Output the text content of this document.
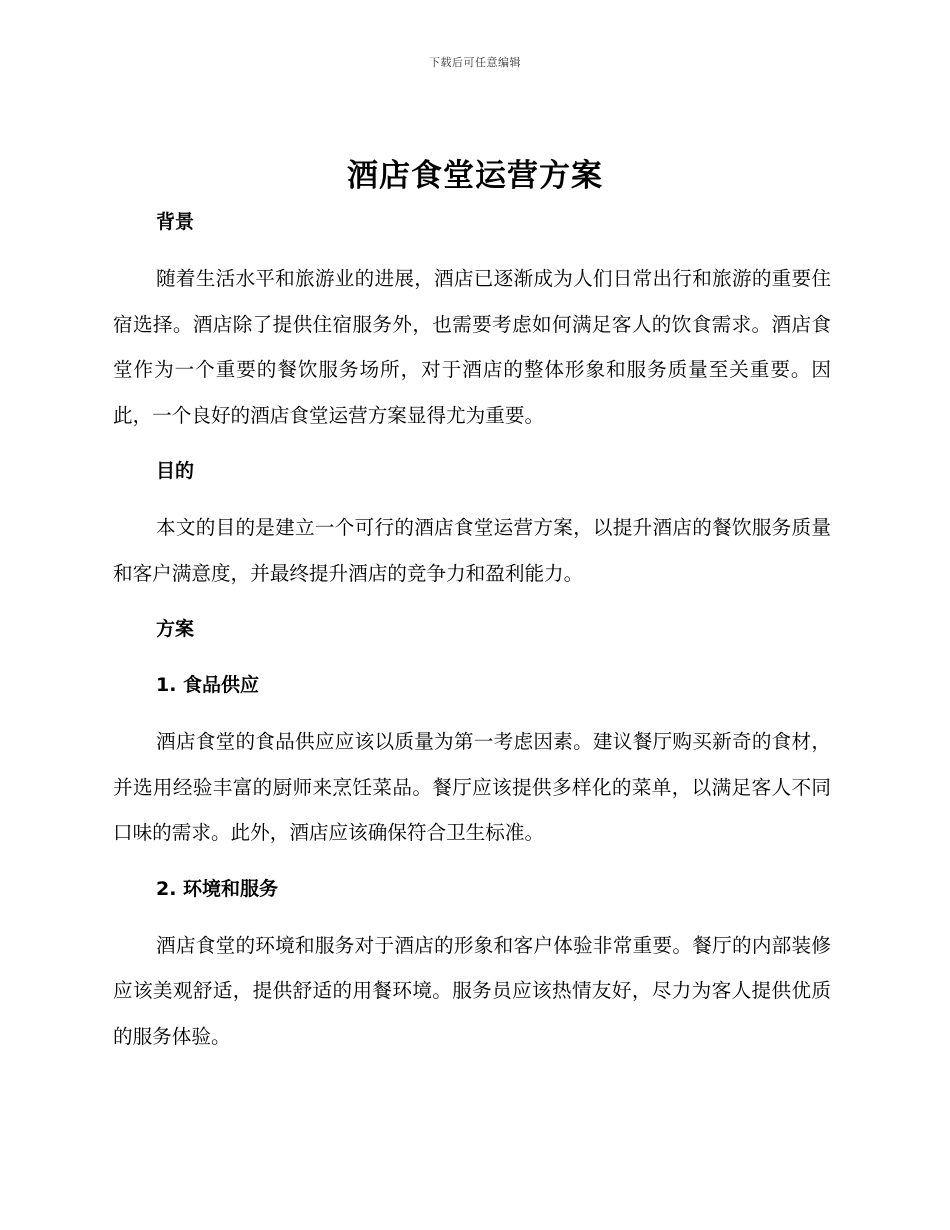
下载后可任意编辑
酒店食堂运营方案

背景

随着生活水平和旅游业的进展，酒店已逐渐成为人们日常出行和旅游的重要住宿选择。酒店除了提供住宿服务外，也需要考虑如何满足客人的饮食需求。酒店食堂作为一个重要的餐饮服务场所，对于酒店的整体形象和服务质量至关重要。因此，一个良好的酒店食堂运营方案显得尤为重要。

目的

本文的目的是建立一个可行的酒店食堂运营方案，以提升酒店的餐饮服务质量和客户满意度，并最终提升酒店的竞争力和盈利能力。

方案

1. 食品供应

酒店食堂的食品供应应该以质量为第一考虑因素。建议餐厅购买新奇的食材，并选用经验丰富的厨师来烹饪菜品。餐厅应该提供多样化的菜单，以满足客人不同口味的需求。此外，酒店应该确保符合卫生标准。

2. 环境和服务

酒店食堂的环境和服务对于酒店的形象和客户体验非常重要。餐厅的内部装修应该美观舒适，提供舒适的用餐环境。服务员应该热情友好，尽力为客人提供优质的服务体验。
